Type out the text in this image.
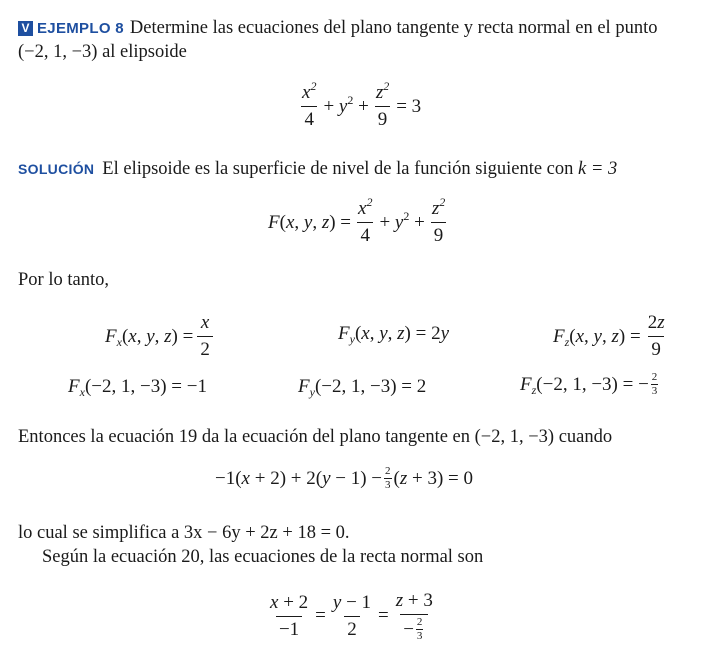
V EJEMPLO 8 Determine las ecuaciones del plano tangente y recta normal en el punto
(−2, 1, −3) al elipsoide
$\frac{x^2}{4} + y^2 + \frac{z^2}{9} = 3$
SOLUCIÓN El elipsoide es la superficie de nivel de la función siguiente con k = 3
F(x, y, $z) = \frac{x^2}{4} + y^2 + \frac{z^2}{9}$
Por lo tanto,
$F_x(x$, y, $z) = \frac{x}{2}$	$F_y(x$, y, z) = 2y	$F_z(x$, y, $z) = \frac{2z}{9}$
$F_x(-2$, 1, −3) = −1	$F_y(-2$, 1, −3) = 2	$F_z(-2$, 1, −3) = − $\frac{2}{3}$
Entonces la ecuación 19 da la ecuación del plano tangente en (−2, 1, −3) cuando
$-1(x + 2) + 2(y - 1) - \frac{2}{3} (z + 3) = 0$
lo cual se simplifica a 3x − 6y + 2z + 18 = 0.
Según la ecuación 20, las ecuaciones de la recta normal son
$\frac{x + 2}{-1} = \frac{y - 1}{2} = \frac{z + 3}{- \frac{2}{3}}$
